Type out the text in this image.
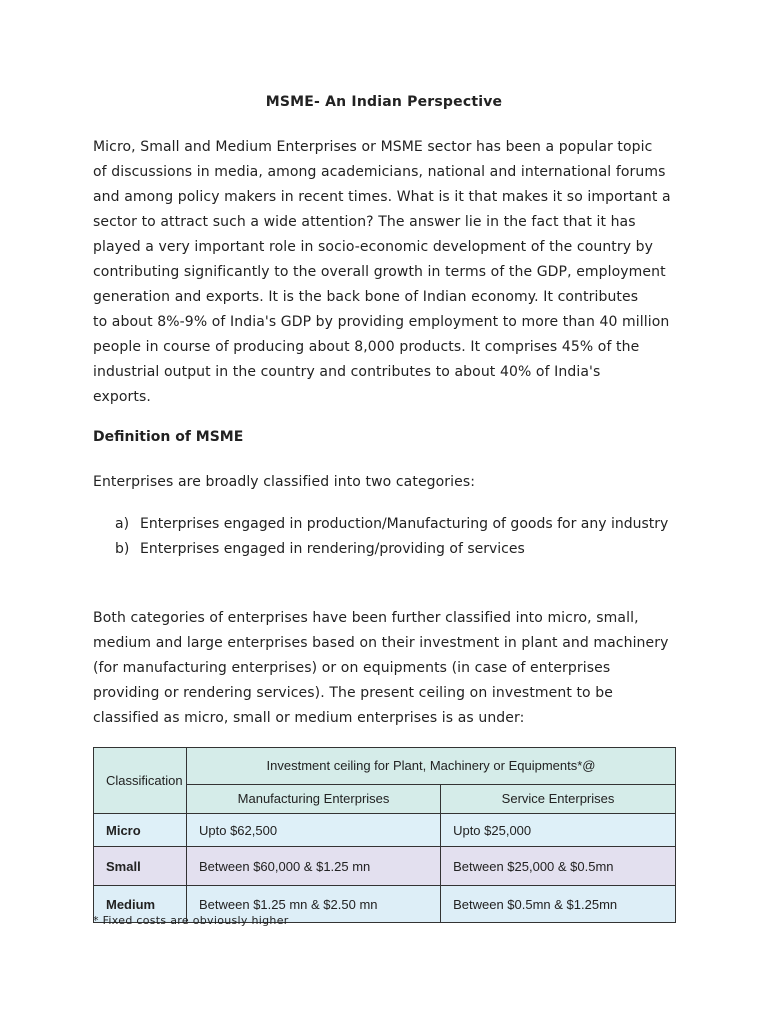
MSME- An Indian Perspective
Micro, Small and Medium Enterprises or MSME sector has been a popular topic
of discussions in media, among academicians, national and international forums
and among policy makers in recent times. What is it that makes it so important a
sector to attract such a wide attention? The answer lie in the fact that it has
played a very important role in socio-economic development of the country by
contributing significantly to the overall growth in terms of the GDP, employment
generation and exports. It is the back bone of Indian economy. It contributes
to about 8%-9% of India's GDP by providing employment to more than 40 million
people in course of producing about 8,000 products. It comprises 45% of the
industrial output in the country and contributes to about 40% of India's
exports.
Definition of MSME
Enterprises are broadly classified into two categories:
a) Enterprises engaged in production/Manufacturing of goods for any industry
b) Enterprises engaged in rendering/providing of services
Both categories of enterprises have been further classified into micro, small,
medium and large enterprises based on their investment in plant and machinery
(for manufacturing enterprises) or on equipments (in case of enterprises
providing or rendering services). The present ceiling on investment to be
classified as micro, small or medium enterprises is as under:
Classification	Investment ceiling for Plant, Machinery or Equipments*@	
	Manufacturing Enterprises	Service Enterprises
Micro	Upto $62,500	Upto $25,000
Small	Between $60,000 & $1.25 mn	Between $25,000 & $0.5mn
Medium	Between $1.25 mn & $2.50 mn	Between $0.5mn & $1.25mn
* Fixed costs are obviously higher
